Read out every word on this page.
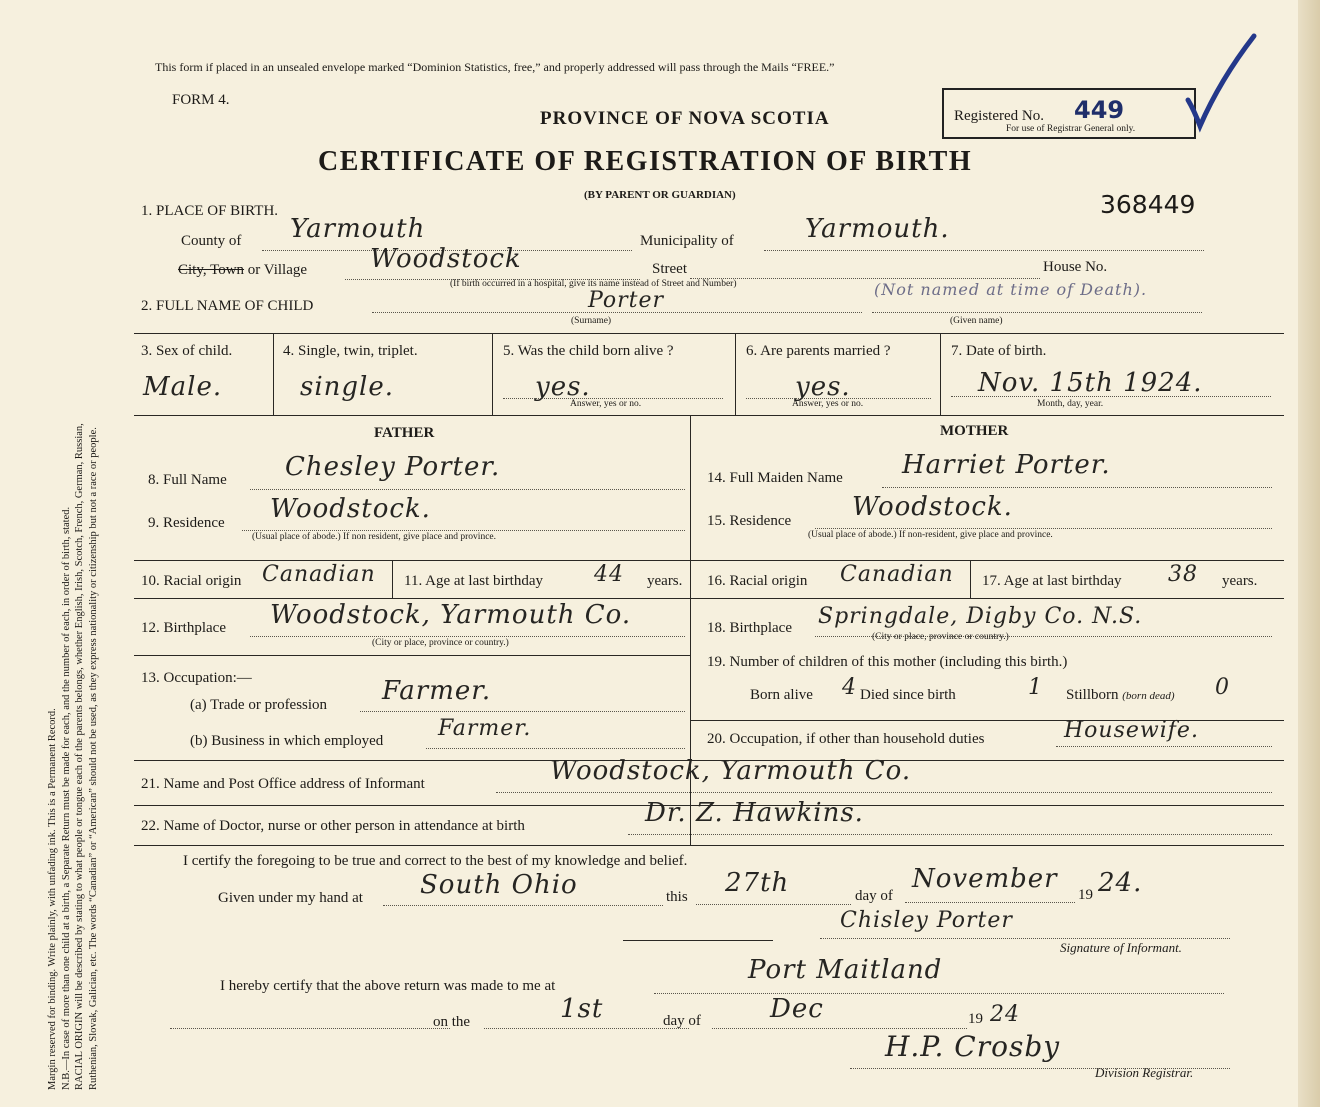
Margin reserved for binding. Write plainly, with unfading ink. This is a Permanent Record. N.B.—In case of more than one child at a birth, a Separate Return must be made for each, and the number of each, in order of birth, stated. RACIAL ORIGIN will be described by stating to what people or tongue each of the parents belongs, whether English, Irish, Scotch, French, German, Russian, Ruthenian, Slovak, Galician, etc. The words “Canadian” or “American” should not be used, as they express nationality or citizenship but not a race or people.
This form if placed in an unsealed envelope marked “Dominion Statistics, free,” and properly addressed will pass through the Mails “FREE.”
FORM 4.
PROVINCE OF NOVA SCOTIA
CERTIFICATE OF REGISTRATION OF BIRTH
(BY PARENT OR GUARDIAN)
Registered No. 449
For use of Registrar General only.
368449
1. PLACE OF BIRTH.
County of Yarmouth	Municipality of	Yarmouth.
City, Town or Village Woodstock	Street	House No.
(If birth occurred in a hospital, give its name instead of Street and Number)
2. FULL NAME OF CHILD	Porter
(Surname)
(Not named at time of Death).
(Given name)
3. Sex of child.
Male.
4. Single, twin, triplet.
single.
5. Was the child born alive ?
yes.
Answer, yes or no.
6. Are parents married ?
yes.
Answer, yes or no.
7. Date of birth.
Nov. 15th 1924.
Month, day, year.
FATHER	MOTHER
8. Full Name Chesley Porter.
9. Residence Woodstock.
(Usual place of abode.) If non resident, give place and province.
10. Racial origin Canadian 11. Age at last birthday 44 years.
12. Birthplace Woodstock, Yarmouth Co.
(City or place, province or country.)
13. Occupation:—
(a) Trade or profession Farmer.
(b) Business in which employed Farmer.
14. Full Maiden Name Harriet Porter.
15. Residence Woodstock.
(Usual place of abode.) If non-resident, give place and province.
16. Racial origin Canadian 17. Age at last birthday 38 years.
18. Birthplace Springdale, Digby Co. N.S.
(City or place, province or country.)
19. Number of children of this mother (including this birth.)
Born alive 4 Died since birth	1 Stillborn (born dead) 0
20. Occupation, if other than household duties	Housewife.
21. Name and Post Office address of Informant	Woodstock, Yarmouth Co.
22. Name of Doctor, nurse or other person in attendance at birth	Dr. Z. Hawkins.
I certify the foregoing to be true and correct to the best of my knowledge and belief.
Given under my hand at South Ohio	this 27th	day of
November
19 24.
Chisley Porter
Signature of Informant.
I hereby certify that the above return was made to me at
Port Maitland
on the	1st	day of	Dec	19 24
H.P. Crosby
Division Registrar.
